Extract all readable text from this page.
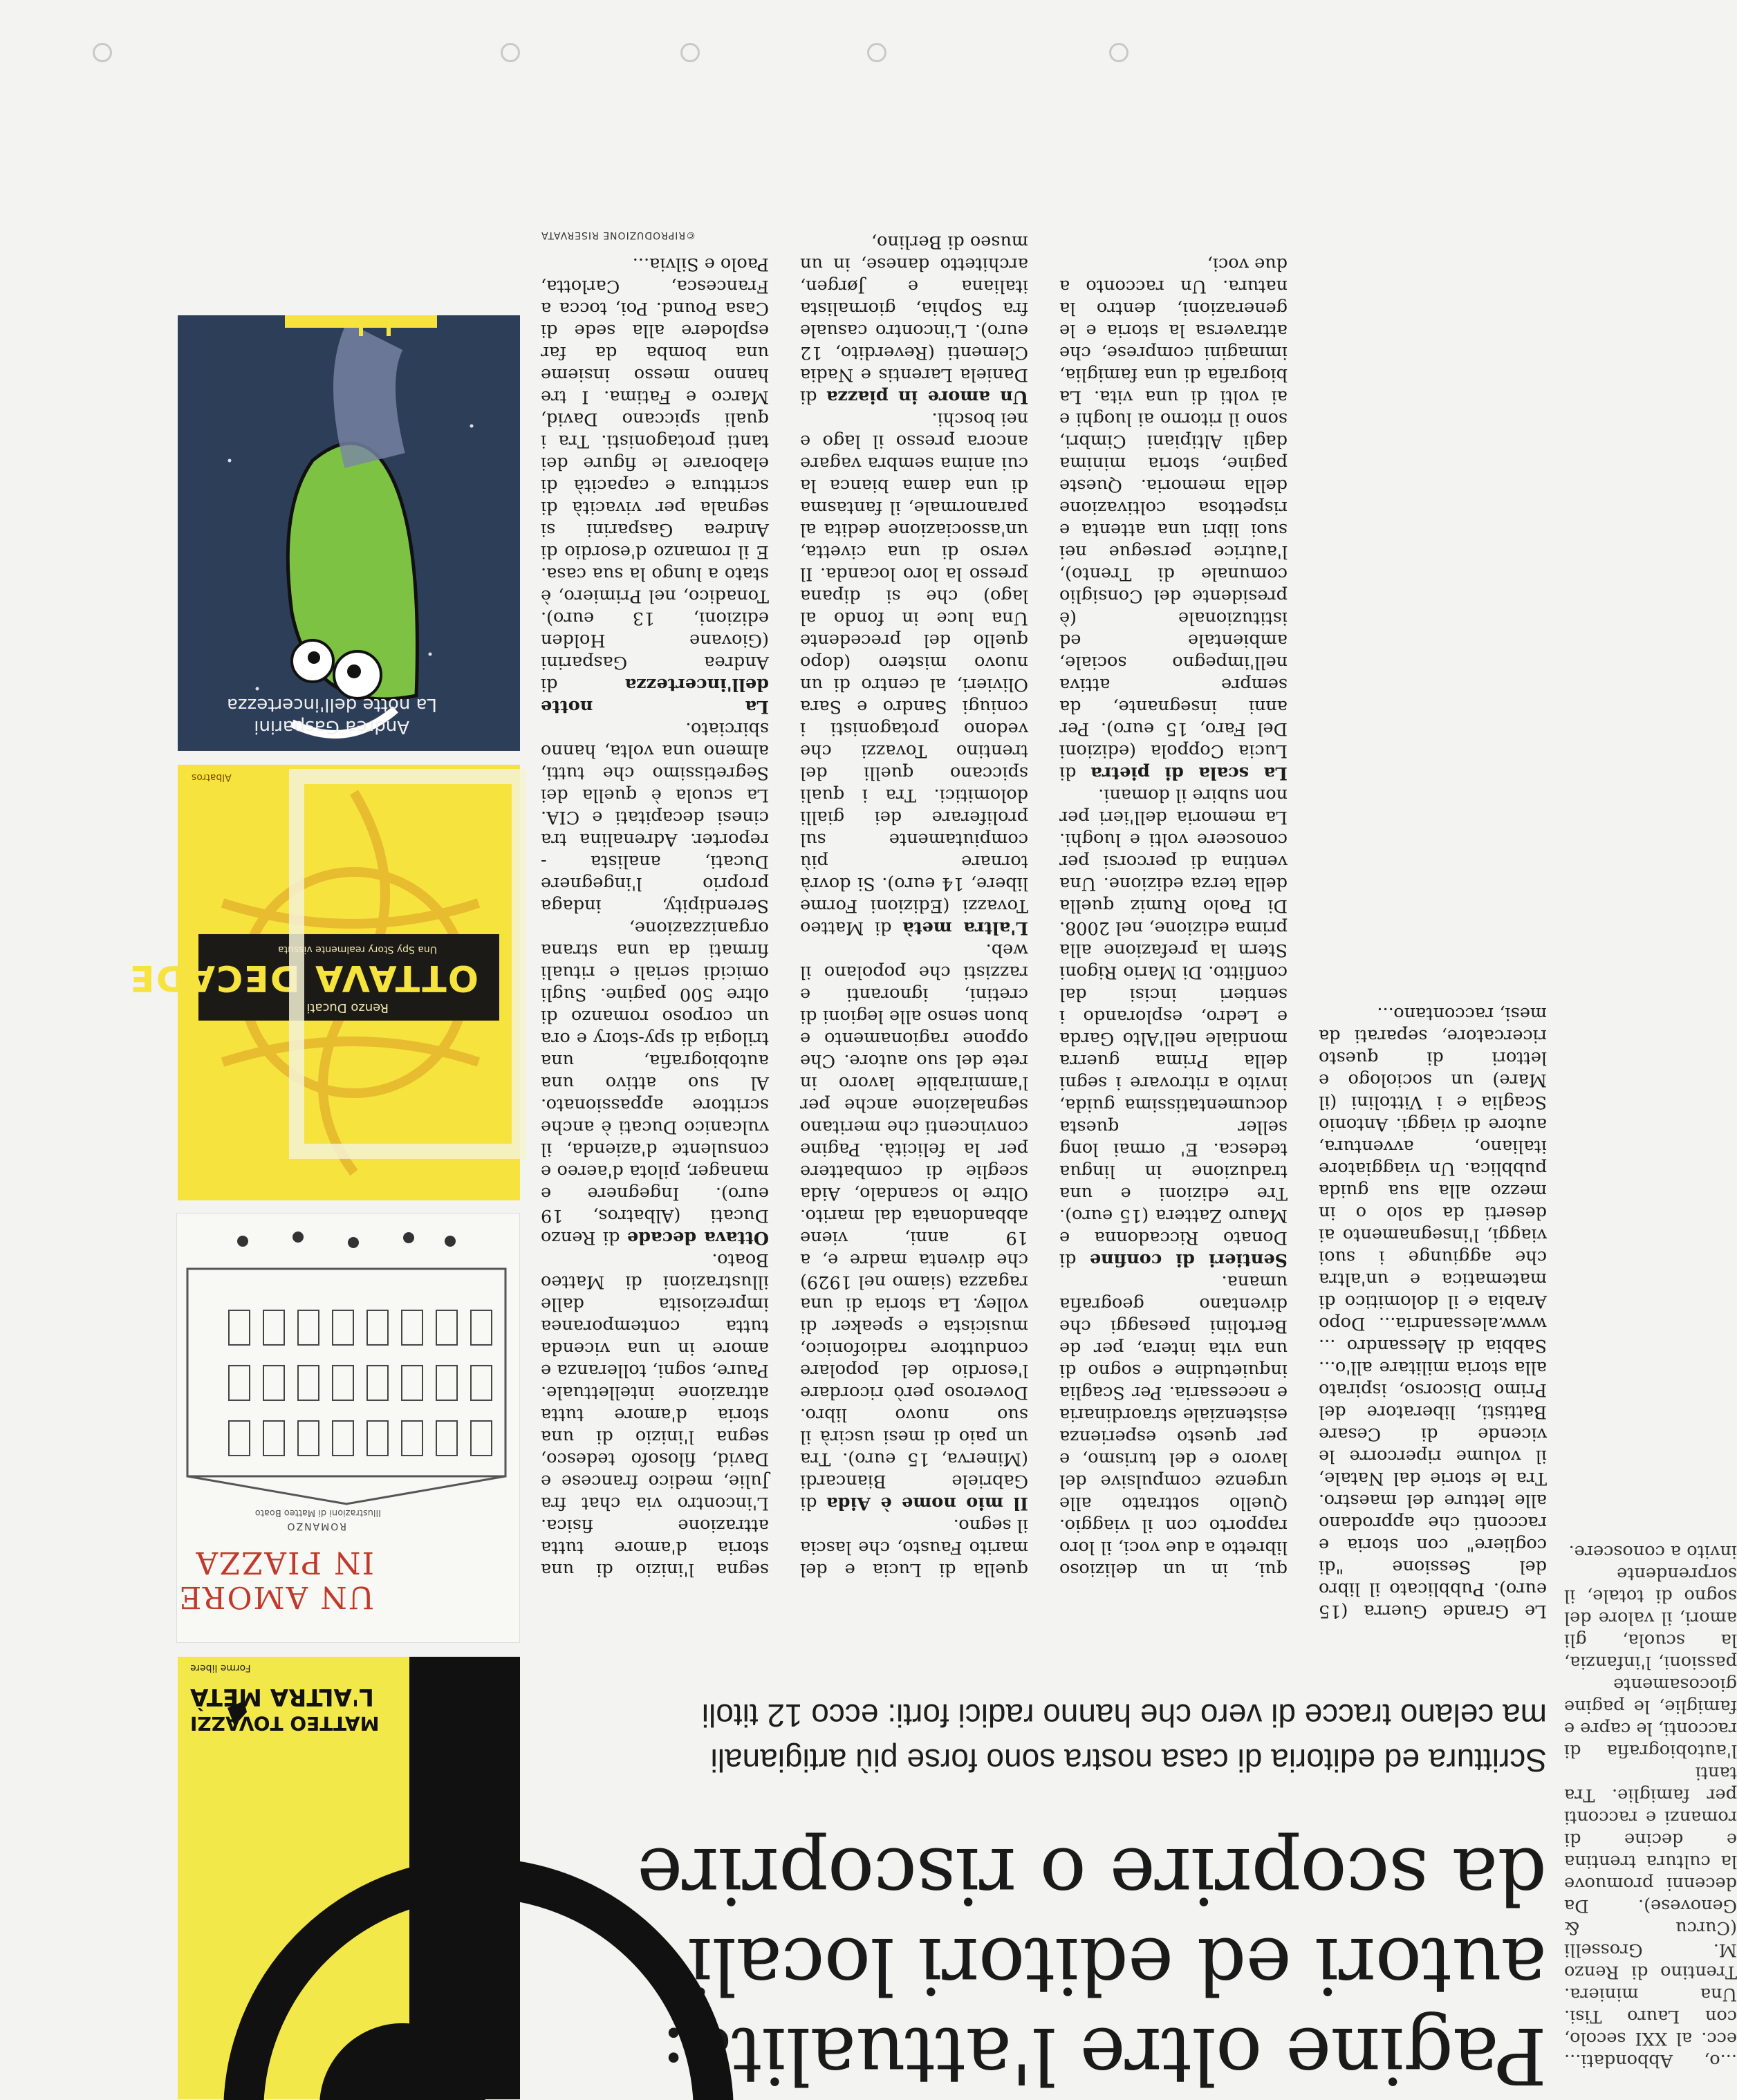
...o, Abbondati... ecc. al XXI secolo, con Lauro Tisi. Una miniera. Trentino di Renzo M. Grosselli (Curcu & Genovese). Da decenni promuove la cultura trentina e decine di romanzi e racconti per famiglie. Tra tanti l'autobiografia di racconti, le capre e famiglie, le pagine giocosamente passioni, l'infanzia, la scuola, gli amori, il valore del sogno di totale, il sorprendente invito a conoscere.

Pagine oltre l'attualità:
autori ed editori locali
da scoprire o riscoprire
Scrittura ed editoria di casa nostra sono forse più artigianali
ma celano tracce di vero che hanno radici forti: ecco 12 titoli

Le Grande Guerra (15 euro). Pubblicato il libro del Sessione "di cogliere" con storia e racconti che approdano alle letture del maestro. Tra le storie dal Natale, il volume ripercorre le vicende di Cesare Battisti, liberatore del Primo Discorso, ispirato alla storia militare all'o... Sabbia di Alessandro ... www.alessandria... Dopo Arabia e il dolomitico di matematica e un'altra che aggiunge i suoi viaggi, l'insegnamento ai deserti da solo o in mezzo alla sua guida pubblica. Un viaggiatore italiano, avventura, autore di viaggi. Antonio Scaglia e i Vittolini (il Mare) un sociologo e lettori di questo ricercatore, separati da mesi, raccontano...

qui, in un delizioso libretto a due voci, il loro rapporto con il viaggio. Quello sottratto alle urgenze compulsive del lavoro e del turismo, e per questo esperienza esistenziale straordinaria e necessaria. Per Scaglia inquietudine e sogno di una vita intera, per de Bertolini paesaggi che diventano geografia umana.

Sentieri di confine di Donato Riccadonna e Mauro Zattera (15 euro). Tre edizioni e una traduzione in lingua tedesca. E' ormai long seller questa documentatissima guida, invito a ritrovare i segni della Prima guerra mondiale nell'Alto Garda e Ledro, esplorando i sentieri incisi dal conflitto. Di Mario Rigoni Stern la prefazione alla prima edizione, nel 2008. Di Paolo Rumiz quella della terza edizione. Una ventina di percorsi per conoscere volti e luoghi. La memoria dell'ieri per non subire il domani.

La scala di pietra di Lucia Coppola (edizioni Del Faro, 15 euro). Per anni insegnante, da sempre attiva nell'impegno sociale, ambientale ed istituzionale (è presidente del Consiglio comunale di Trento), l'autrice persegue nei suoi libri una attenta e rispettosa coltivazione della memoria. Queste pagine, storia minima dagli Altipiani Cimbri, sono il ritorno ai luoghi e ai volti di una vita. La biografia di una famiglia, immagini comprese, che attraversa la storia e le generazioni, dentro la natura. Un racconto a due voci,

quella di Lucia e del marito Fausto, che lascia il segno.

Il mio nome è Aida di Gabriele Biancardi (Minerva, 15 euro). Tra un paio di mesi uscirà il suo nuovo libro. Doveroso però ricordare l'esordio del popolare conduttore radiofonico, musicista e speaker di volley. La storia di una ragazza (siamo nel 1929) che diventa madre e, a 19 anni, viene abbandonata dal marito. Oltre lo scandalo, Aida sceglie di combattere per la felicità. Pagine convincenti che meritano segnalazione anche per l'ammirabile lavoro in rete del suo autore. Che oppone ragionamento e buon senso alle legioni di cretini, ignoranti e razzisti che popolano il web.

L'altra metà di Matteo Tovazzi (Edizioni Forme libere, 14 euro). Si dovrà tornare più compiutamente sul proliferare dei gialli dolomitici. Tra i quali spiccano quelli del trentino Tovazzi che vedono protagonisti i coniugi Sandro e Sara Olivieri, al centro di un nuovo mistero (dopo quello del precedente Una luce in fondo al lago) che si dipana presso la loro locanda. Il verso di una civetta, un'associazione dedita al paranormale, il fantasma di una dama bianca la cui anima sembra vagare ancora presso il lago e nei boschi.

Un amore in piazza di Daniela Larentis e Nadia Clementi (Reverdito, 12 euro). L'incontro casuale fra Sophia, giornalista italiana e Jørgen, architetto danese, in un museo di Berlino,

segna l'inizio di una storia d'amore tutta attrazione fisica. L'incontro via chat fra Julie, medico francese e David, filosofo tedesco, segna l'inizio di una storia d'amore tutta attrazione intellettuale. Paure, sogni, tolleranza e amore in una vicenda tutta contemporanea impreziosita dalle illustrazioni di Matteo Boato.

Ottava decade di Renzo Ducati (Albatros, 19 euro). Ingegnere e manager, pilota d'aereo e consulente d'azienda, il vulcanico Ducati è anche scrittore appassionato. Al suo attivo una autobiografia, una trilogia di spy-story e ora un corposo romanzo di oltre 500 pagine. Sugli omicidi seriali e rituali firmati da una strana organizzazione, Serendipity, indaga proprio l'ingegnere Ducati, analista - reporter. Adrenalina tra cinesi decapitati e CIA. La scuola è quella dei Segretissimo che tutti, almeno una volta, hanno sbirciato.

La notte dell'incertezza di Andrea Gasparini (Giovane Holden edizioni, 13 euro). Tonadico, nel Primiero, è stato a lungo la sua casa. E il romanzo d'esordio di Andrea Gasparini si segnala per vivacità di scrittura e capacità di elaborare le figure dei tanti protagonisti. Tra i quali spiccano David, Marco e Fatima. I tre hanno messo insieme una bomba da far esplodere alla sede di Casa Pound. Poi, tocca a Francesca, Carlotta, Paolo e Silvia...

©RIPRODUZIONE RISERVATA
MATTEO TOVAZZI
L'ALTRA METÀ
Forme libere
UN AMORE
IN PIAZZA
ROMANZO
Illustrazioni di Matteo Boato
Renzo Ducati
OTTAVA DECADE
Una Spy Story realmente vissuta
Albatros
Andrea Gasparini
La notte dell'incertezza
